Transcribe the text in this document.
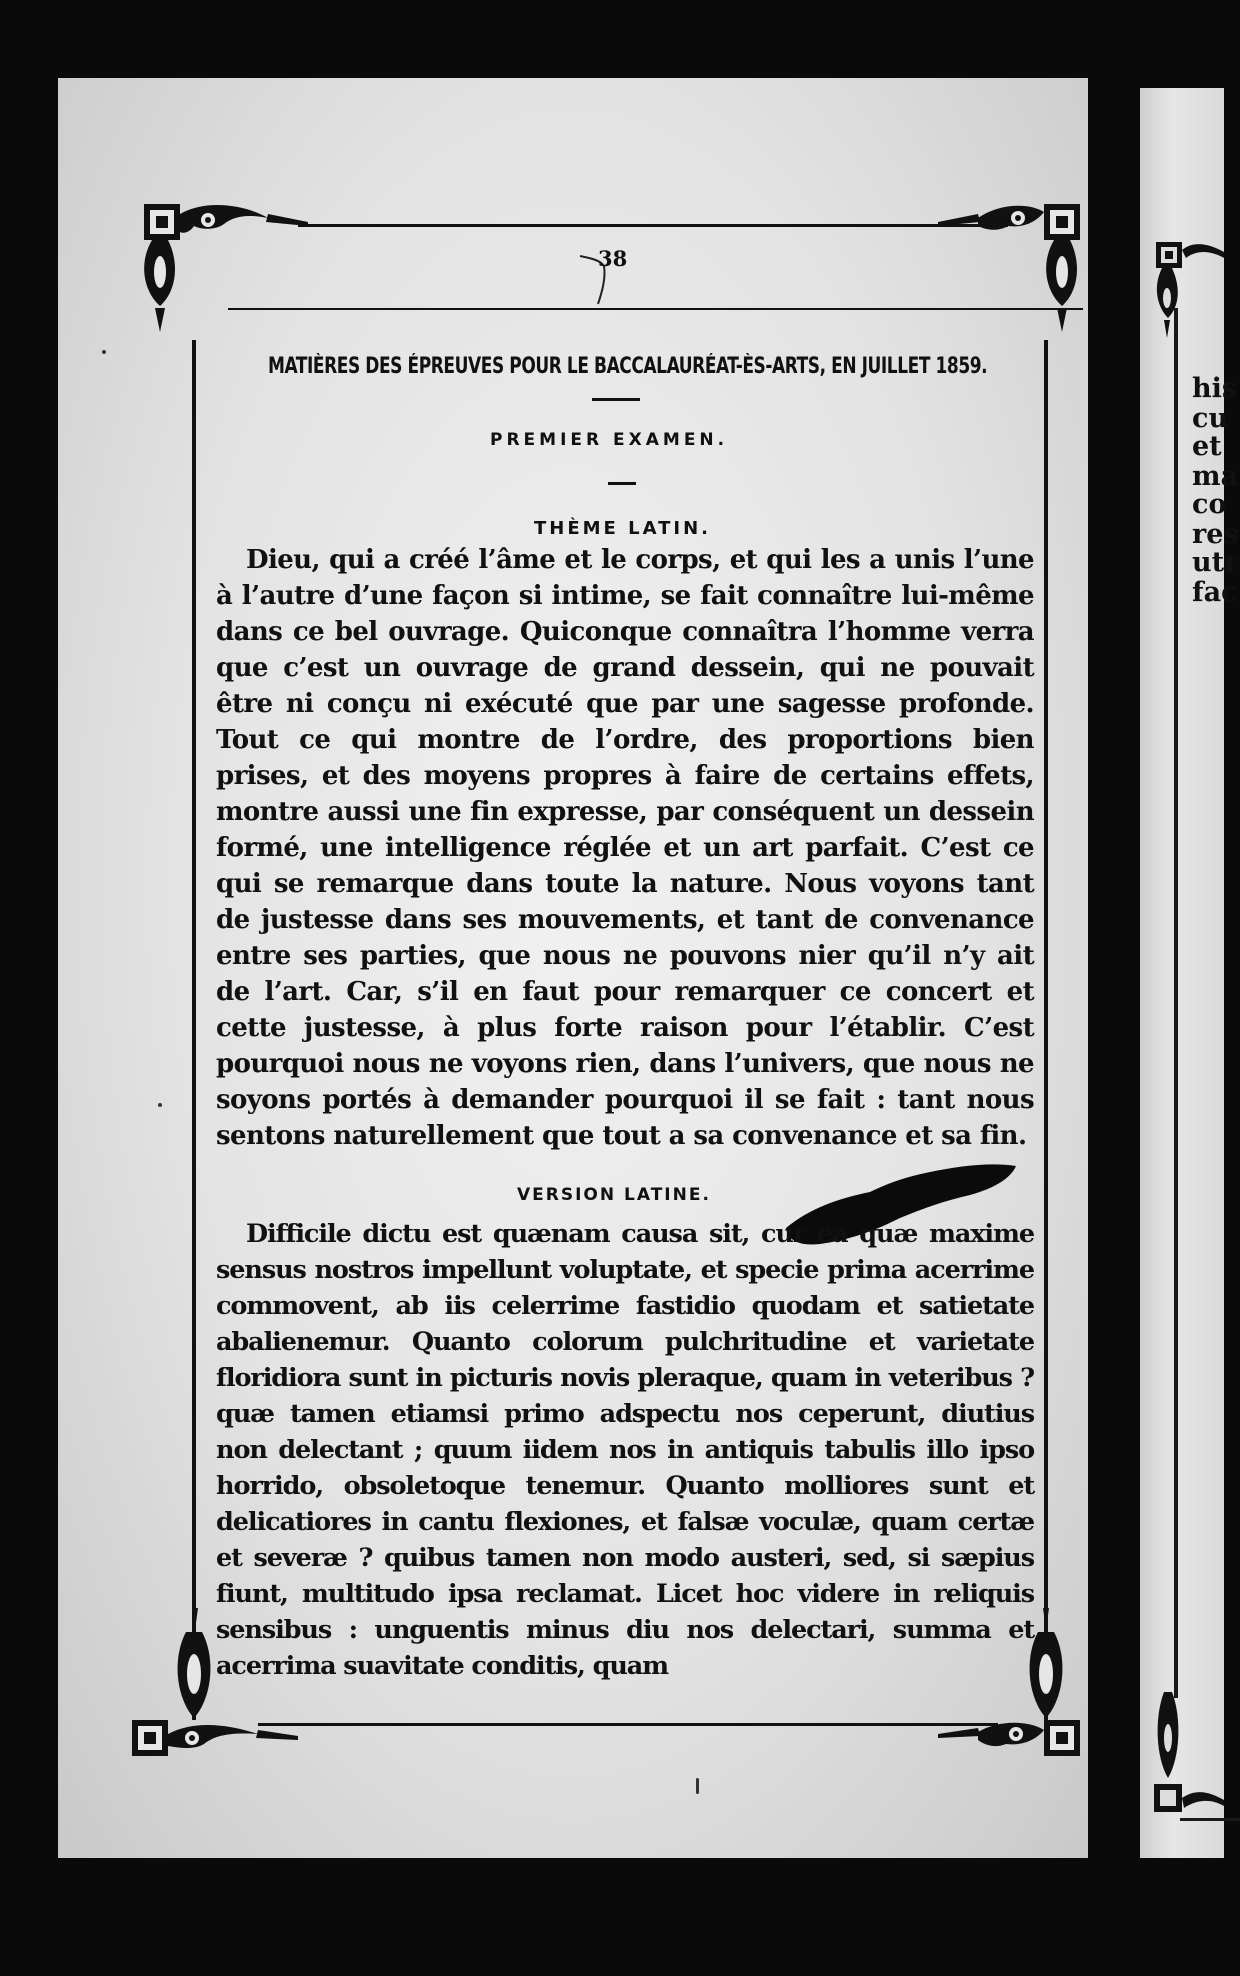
his
cu
et
ma
co
res
utr
fac
38
MATIÈRES DES ÉPREUVES POUR LE BACCALAURÉAT-ÈS-ARTS, EN JUILLET 1859.
PREMIER EXAMEN.
THÈME LATIN.

Dieu, qui a créé l’âme et le corps, et qui les a unis l’une à l’autre d’une façon si intime, se fait connaître lui-même dans ce bel ouvrage. Quiconque connaîtra l’homme verra que c’est un ouvrage de grand dessein, qui ne pouvait être ni conçu ni exécuté que par une sagesse profonde. Tout ce qui montre de l’ordre, des proportions bien prises, et des moyens propres à faire de certains effets, montre aussi une fin expresse, par conséquent un dessein formé, une intelligence réglée et un art parfait. C’est ce qui se remarque dans toute la nature. Nous voyons tant de justesse dans ses mouvements, et tant de convenance entre ses parties, que nous ne pouvons nier qu’il n’y ait de l’art. Car, s’il en faut pour remarquer ce concert et cette justesse, à plus forte raison pour l’établir. C’est pourquoi nous ne voyons rien, dans l’univers, que nous ne soyons portés à demander pourquoi il se fait : tant nous sentons naturellement que tout a sa convenance et sa fin.

VERSION LATINE.

Difficile dictu est quænam causa sit, cur ea quæ maxime sensus nostros impellunt voluptate, et specie prima acerrime commovent, ab iis celerrime fastidio quodam et satietate abalienemur. Quanto colorum pulchritudine et varietate floridiora sunt in picturis novis pleraque, quam in veteribus ? quæ tamen etiamsi primo adspectu nos ceperunt, diutius non delectant ; quum iidem nos in antiquis tabulis illo ipso horrido, obsoletoque tenemur. Quanto molliores sunt et delicatiores in cantu flexiones, et falsæ voculæ, quam certæ et severæ ? quibus tamen non modo austeri, sed, si sæpius fiunt, multitudo ipsa reclamat. Licet hoc videre in reliquis sensibus : unguentis minus diu nos delectari, summa et acerrima suavitate conditis, quam
